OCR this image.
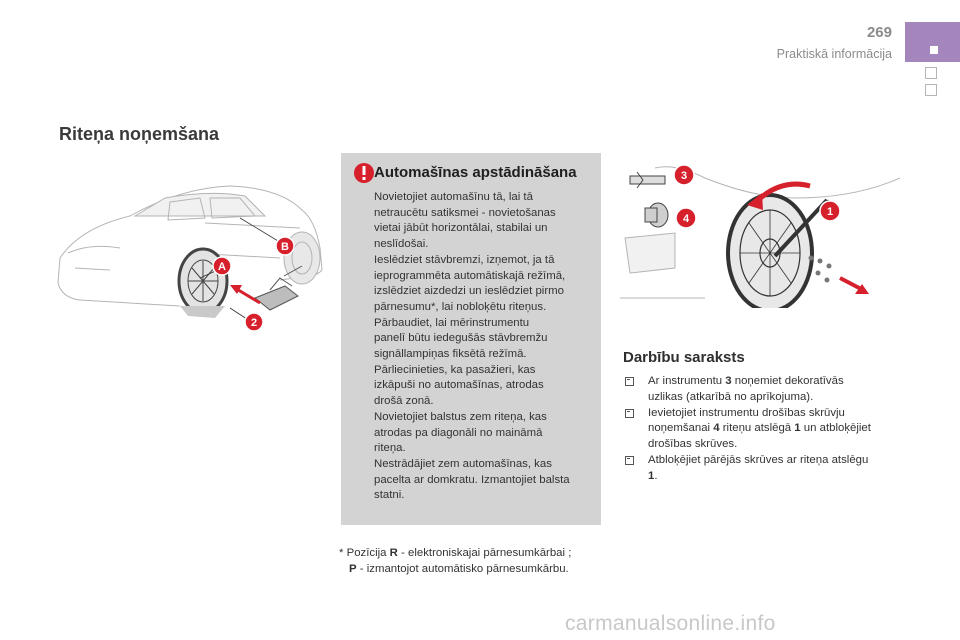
269
Praktiskā informācija
Riteņa noņemšana
A
B
2
Automašīnas apstādināšana
Novietojiet automašīnu tā, lai tā
netraucētu satiksmei - novietošanas
vietai jābūt horizontālai, stabilai un
neslīdošai.
Ieslēdziet stāvbremzi, izņemot, ja tā
ieprogrammēta automātiskajā režīmā,
izslēdziet aizdedzi un ieslēdziet pirmo
pārnesumu*, lai nobloķētu riteņus.
Pārbaudiet, lai mērinstrumentu
panelī būtu iedegušās stāvbremžu
signāllampiņas fiksētā režīmā.
Pārliecinieties, ka pasažieri, kas
izkāpuši no automašīnas, atrodas
drošā zonā.
Novietojiet balstus zem riteņa, kas
atrodas pa diagonāli no maināmā
riteņa.
Nestrādājiet zem automašīnas, kas
pacelta ar domkratu. Izmantojiet balsta
statni.
* Pozīcija R - elektroniskajai pārnesumkārbai ;
P - izmantojot automātisko pārnesumkārbu.
1
3
4
Darbību saraksts
Ar instrumentu 3 noņemiet dekoratīvās uzlikas (atkarībā no aprīkojuma).
Ievietojiet instrumentu drošības skrūvju noņemšanai 4 riteņu atslēgā 1 un atbloķējiet drošības skrūves.
Atbloķējiet pārējās skrūves ar riteņa atslēgu 1.
carmanualsonline.info
